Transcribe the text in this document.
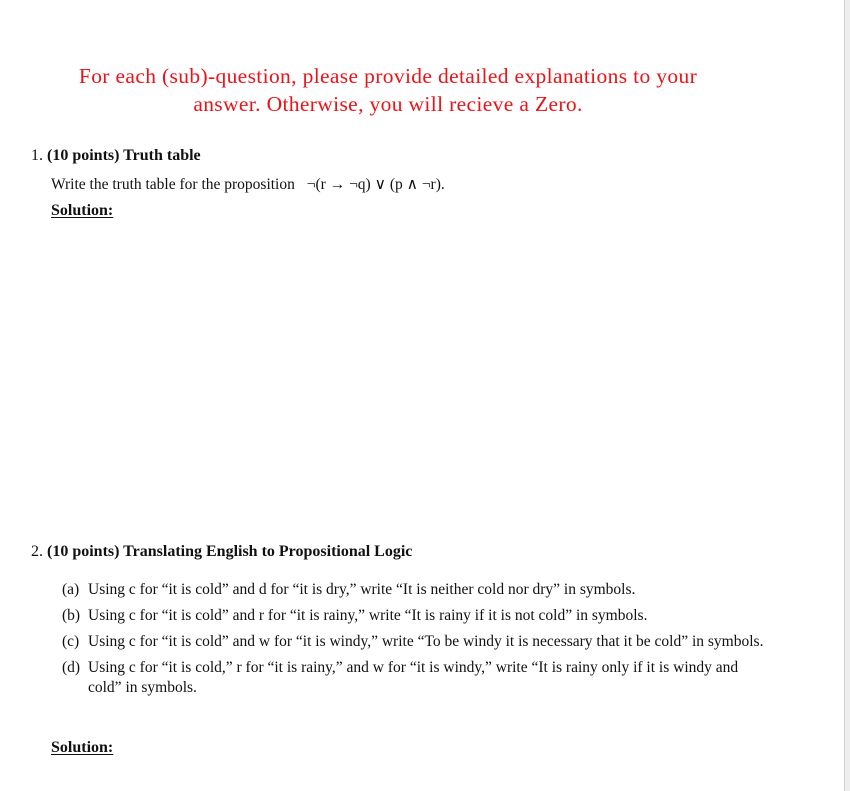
For each (sub)-question, please provide detailed explanations to your
answer. Otherwise, you will recieve a Zero.
1. (10 points) Truth table
Write the truth table for the proposition ¬(r → ¬q) ∨ (p ∧ ¬r).
Solution:
2. (10 points) Translating English to Propositional Logic
(a) Using c for “it is cold” and d for “it is dry,” write “It is neither cold nor dry” in symbols.
(b) Using c for “it is cold” and r for “it is rainy,” write “It is rainy if it is not cold” in symbols.
(c) Using c for “it is cold” and w for “it is windy,” write “To be windy it is necessary that it be cold” in symbols.
(d) Using c for “it is cold,” r for “it is rainy,” and w for “it is windy,” write “It is rainy only if it is windy and cold” in symbols.
Solution:
